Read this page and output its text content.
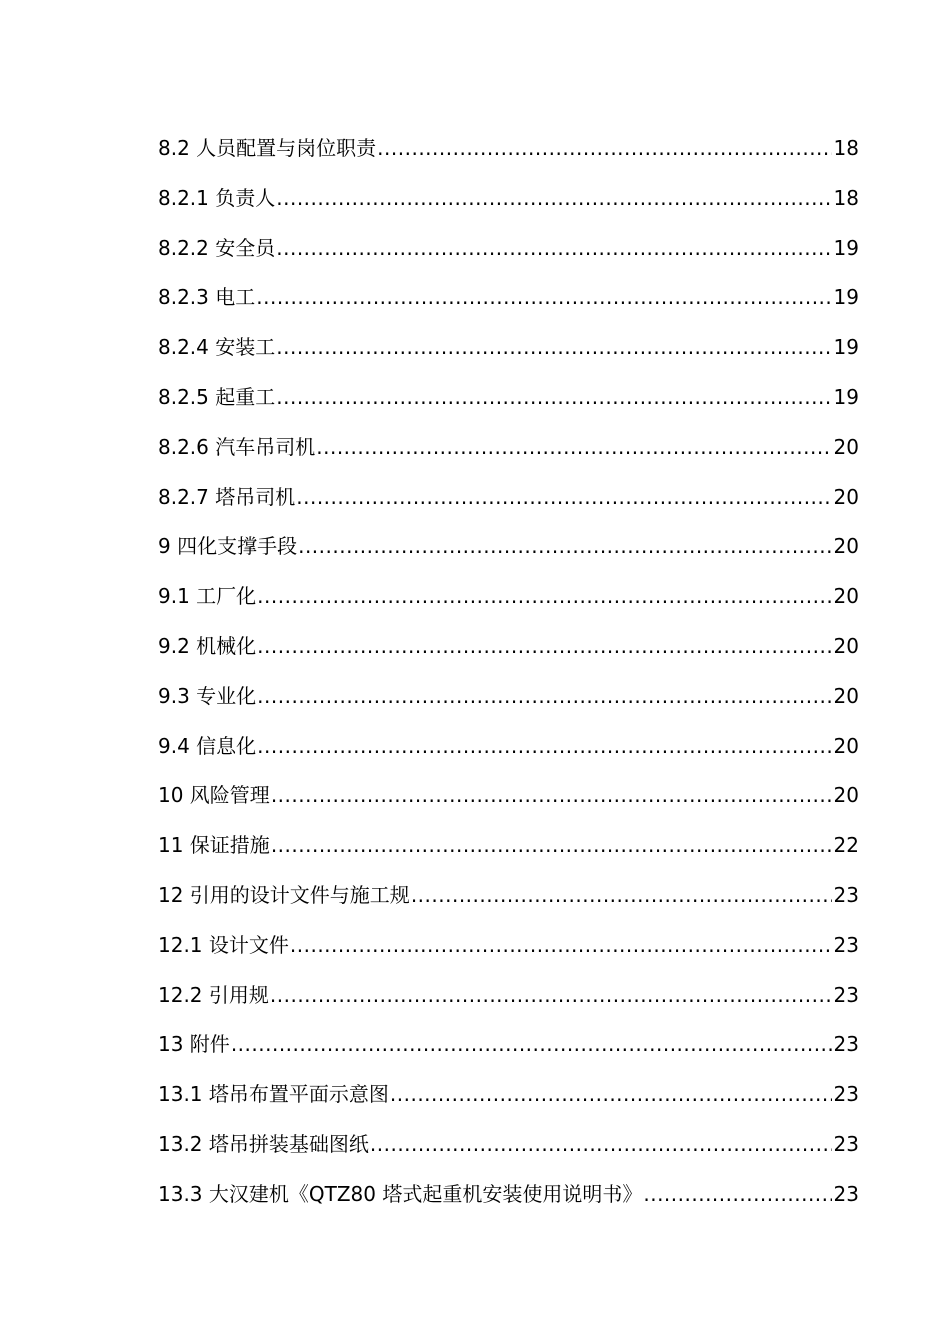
8.2 人员配置与岗位职责 .....	18
8.2.1 负责人 .....	18
8.2.2 安全员 .....	19
8.2.3 电工 .....	19
8.2.4 安装工 .....	19
8.2.5 起重工 .....	19
8.2.6 汽车吊司机 .....	20
8.2.7 塔吊司机 .....	20
9 四化支撑手段 .....	20
9.1 工厂化 .....	20
9.2 机械化 .....	20
9.3 专业化 .....	20
9.4 信息化 .....	20
10 风险管理 .....	20
11 保证措施 .....	22
12 引用的设计文件与施工规 .....	23
12.1 设计文件 .....	23
12.2 引用规 .....	23
13 附件 .....	23
13.1 塔吊布置平面示意图 .....	23
13.2 塔吊拼装基础图纸 .....	23
13.3 大汉建机《QTZ80 塔式起重机安装使用说明书》 .....	23
